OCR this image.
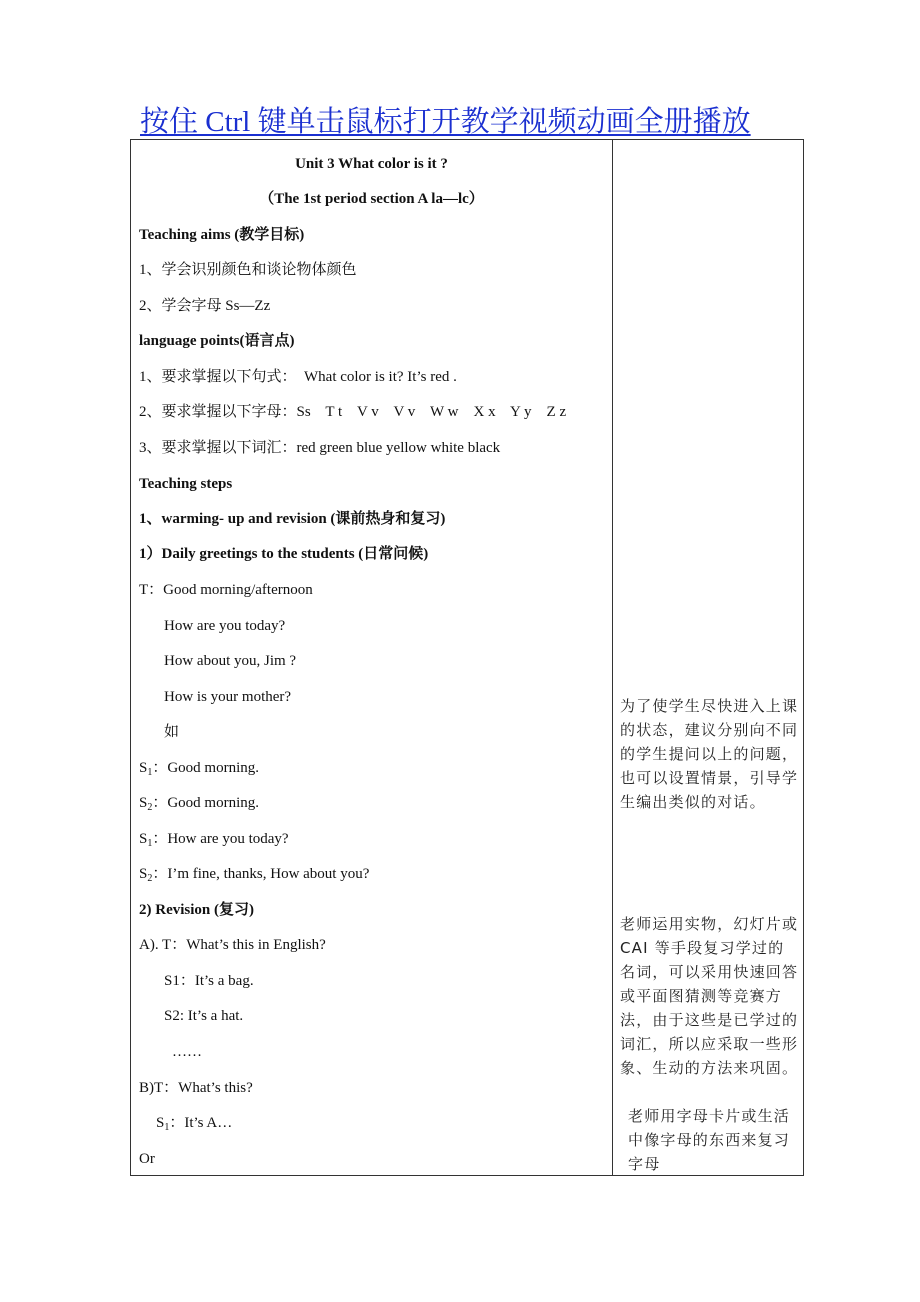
按住 Ctrl 键单击鼠标打开教学视频动画全册播放
Unit 3 What color is it ?
（The 1st period section A la—lc）
Teaching aims (教学目标)
1、学会识别颜色和谈论物体颜色
2、学会字母 Ss—Zz
language points(语言点)
1、要求掌握以下句式：  What color is it? It’s red .
2、要求掌握以下字母：Ss    T t    V v    V v    W w    X x    Y y    Z z
3、要求掌握以下词汇：red green blue yellow white black
Teaching steps
1、warming- up and revision (课前热身和复习)
1）Daily greetings to the students (日常问候)
T：Good morning/afternoon
How are you today?
How about you, Jim ?
How is your mother?
如
$S_1$：Good morning.
$S_2$：Good morning.
$S_1$：How are you today?
$S_2$：I’m fine, thanks, How about you?
2) Revision (复习)
A). T：What’s this in English?
S1：It’s a bag.
S2: It’s a hat.
……
B)T：What’s this?
$S_1$：It’s A…
Or
为了使学生尽快进入上课的状态，建议分别向不同的学生提问以上的问题，也可以设置情景，引导学生编出类似的对话。
老师运用实物，幻灯片或CAI 等手段复习学过的名词，可以采用快速回答或平面图猜测等竞赛方法，由于这些是已学过的词汇，所以应采取一些形象、生动的方法来巩固。
老师用字母卡片或生活中像字母的东西来复习字母
